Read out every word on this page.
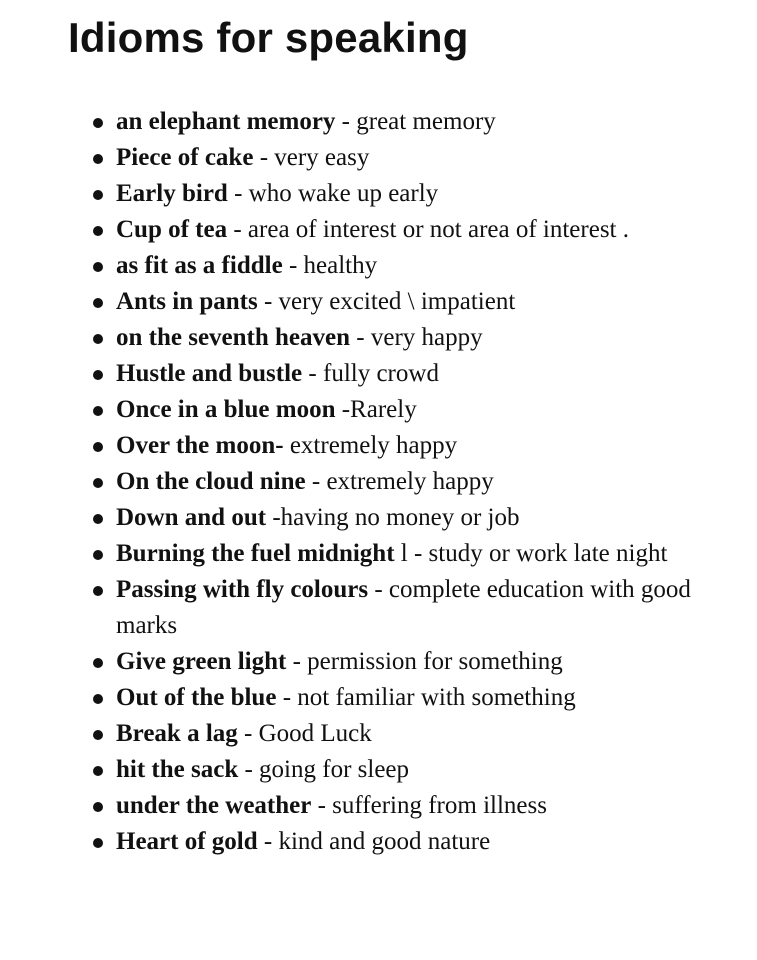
Idioms for speaking
an elephant memory - great memory
Piece of cake - very easy
Early bird - who wake up early
Cup of tea - area of interest or not area of interest .
as fit as a fiddle - healthy
Ants in pants - very excited \ impatient
on the seventh heaven - very happy
Hustle and bustle - fully crowd
Once in a blue moon -Rarely
Over the moon- extremely happy
On the cloud nine - extremely happy
Down and out -having no money or job
Burning the fuel midnight l - study or work late night
Passing with fly colours - complete education with good marks
Give green light - permission for something
Out of the blue - not familiar with something
Break a lag - Good Luck
hit the sack - going for sleep
under the weather - suffering from illness
Heart of gold - kind and good nature
